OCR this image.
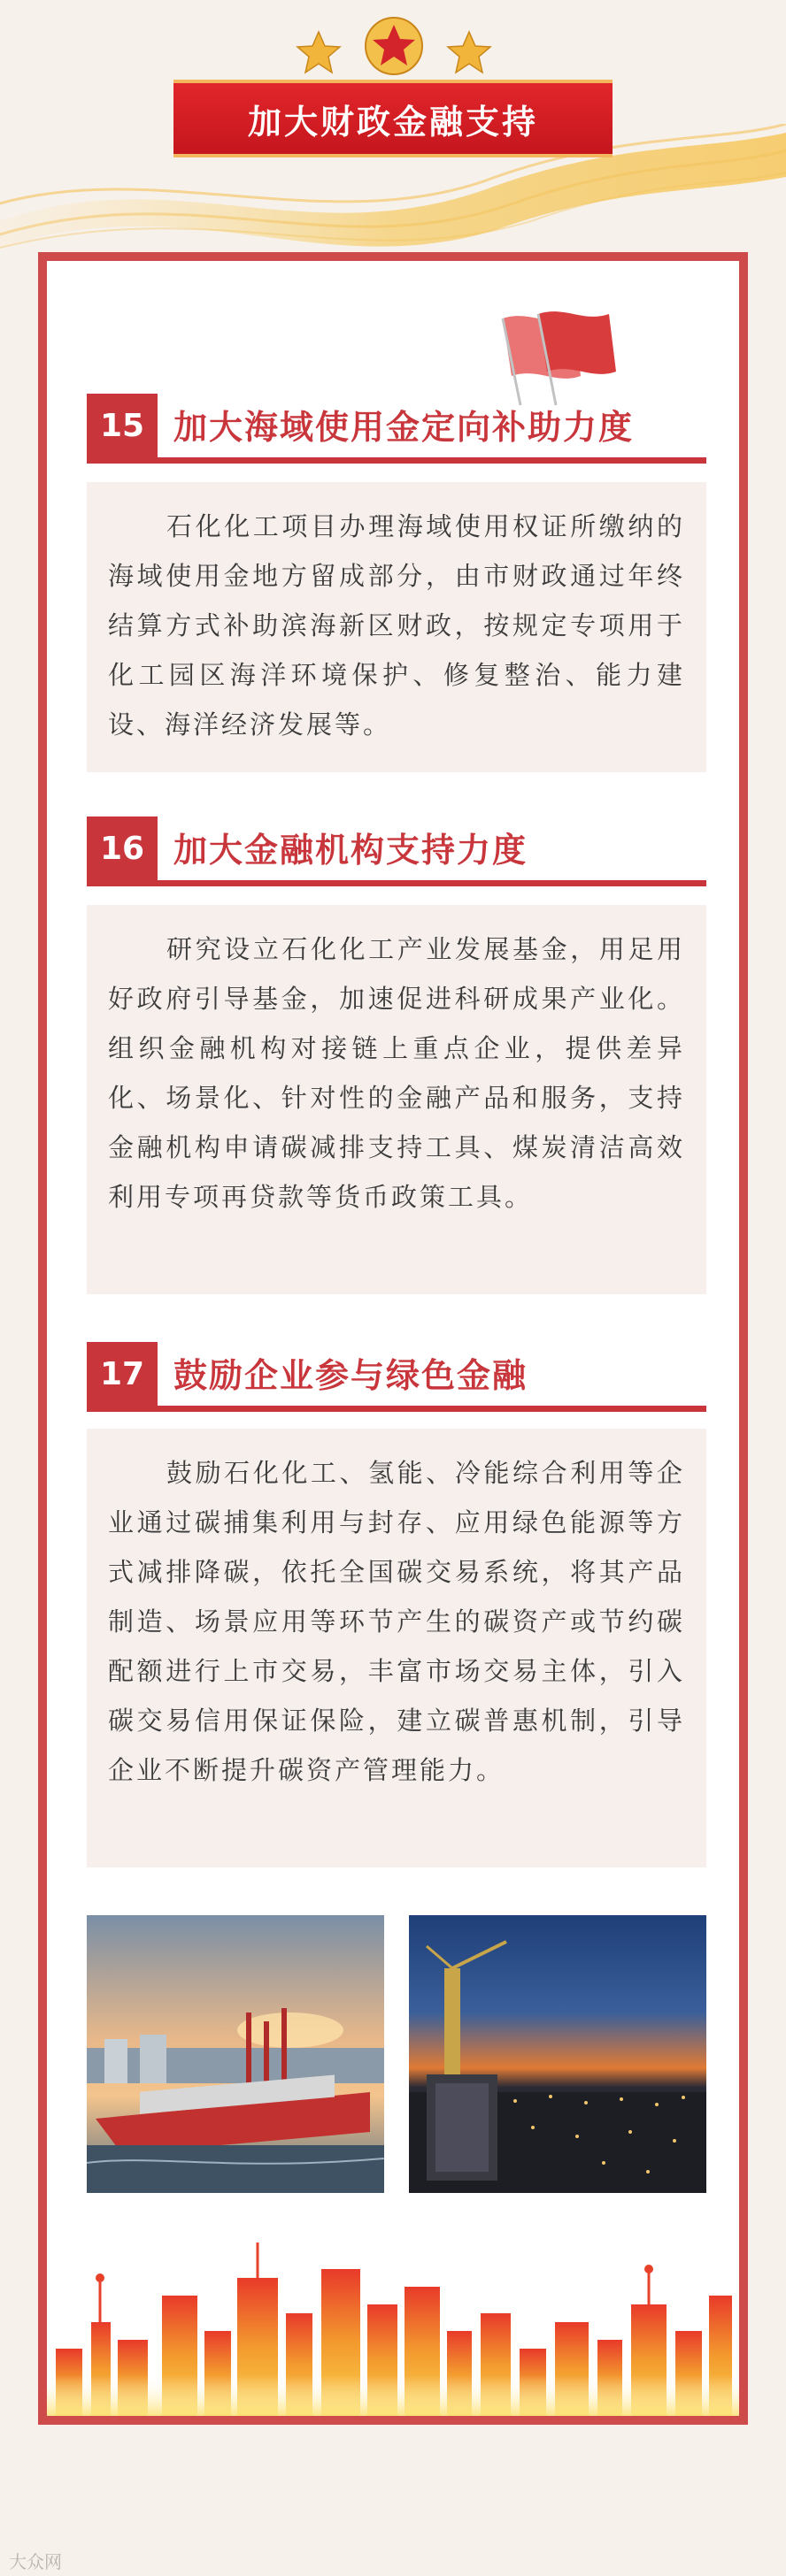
加大财政金融支持
15 加大海域使用金定向补助力度

石化化工项目办理海域使用权证所缴纳的海域使用金地方留成部分，由市财政通过年终结算方式补助滨海新区财政，按规定专项用于化工园区海洋环境保护、修复整治、能力建设、海洋经济发展等。

16 加大金融机构支持力度

研究设立石化化工产业发展基金，用足用好政府引导基金，加速促进科研成果产业化。组织金融机构对接链上重点企业，提供差异化、场景化、针对性的金融产品和服务，支持金融机构申请碳减排支持工具、煤炭清洁高效利用专项再贷款等货币政策工具。

17 鼓励企业参与绿色金融

鼓励石化化工、氢能、冷能综合利用等企业通过碳捕集利用与封存、应用绿色能源等方式减排降碳，依托全国碳交易系统，将其产品制造、场景应用等环节产生的碳资产或节约碳配额进行上市交易，丰富市场交易主体，引入碳交易信用保证保险，建立碳普惠机制，引导企业不断提升碳资产管理能力。

大众网
